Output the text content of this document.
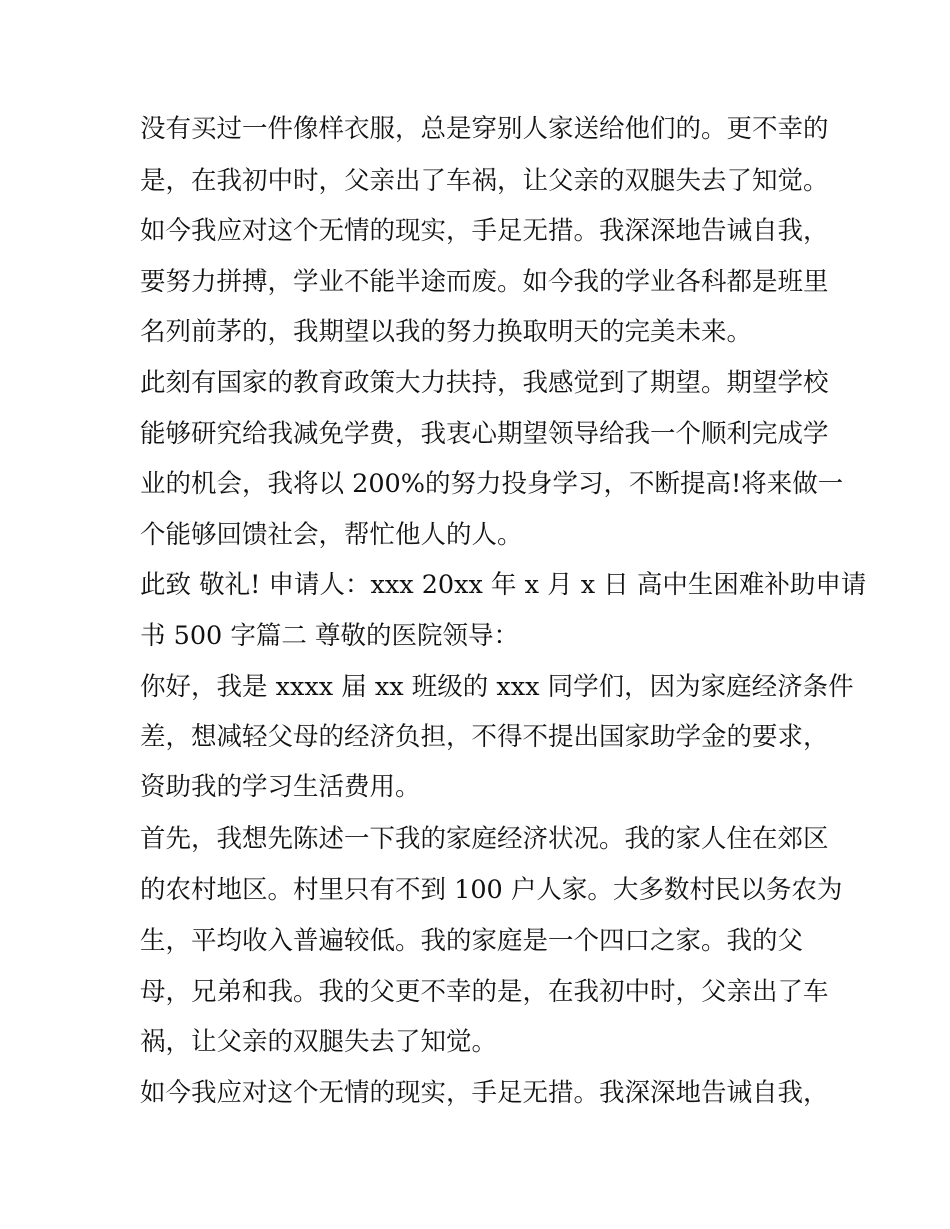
没有买过一件像样衣服，总是穿别人家送给他们的。更不幸的
是，在我初中时，父亲出了车祸，让父亲的双腿失去了知觉。
如今我应对这个无情的现实，手足无措。我深深地告诫自我，
要努力拼搏，学业不能半途而废。如今我的学业各科都是班里
名列前茅的，我期望以我的努力换取明天的完美未来。
此刻有国家的教育政策大力扶持，我感觉到了期望。期望学校
能够研究给我减免学费，我衷心期望领导给我一个顺利完成学
业的机会，我将以 200%的努力投身学习，不断提高!将来做一
个能够回馈社会，帮忙他人的人。
此致 敬礼! 申请人：xxx 20xx 年 x 月 x 日 高中生困难补助申请
书 500 字篇二 尊敬的医院领导：
你好，我是 xxxx 届 xx 班级的 xxx 同学们，因为家庭经济条件
差，想减轻父母的经济负担，不得不提出国家助学金的要求，
资助我的学习生活费用。
首先，我想先陈述一下我的家庭经济状况。我的家人住在郊区
的农村地区。村里只有不到 100 户人家。大多数村民以务农为
生，平均收入普遍较低。我的家庭是一个四口之家。我的父
母，兄弟和我。我的父更不幸的是，在我初中时，父亲出了车
祸，让父亲的双腿失去了知觉。
如今我应对这个无情的现实，手足无措。我深深地告诫自我，
